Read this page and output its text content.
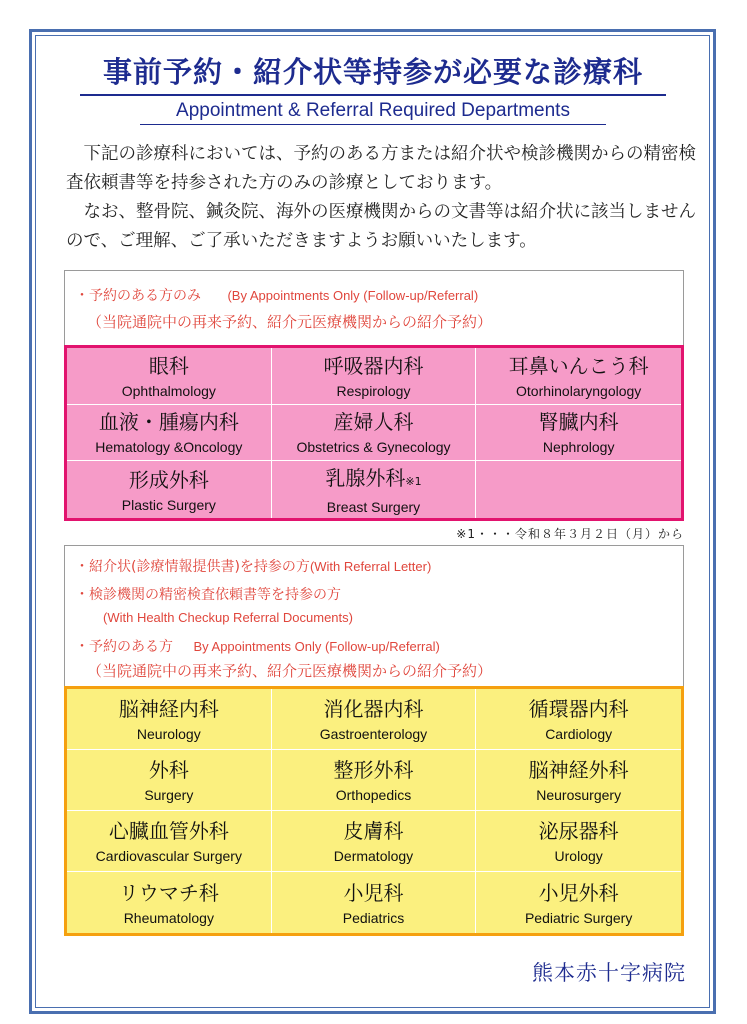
事前予約・紹介状等持参が必要な診療科
Appointment & Referral Required Departments

下記の診療科においては、予約のある方または紹介状や検診機関からの精密検査依頼書等を持参された方のみの診療としております。

なお、整骨院、鍼灸院、海外の医療機関からの文書等は紹介状に該当しませんので、ご理解、ご了承いただきますようお願いいたします。

・予約のある方のみ (By Appointments Only (Follow-up/Referral)
（当院通院中の再来予約、紹介元医療機関からの紹介予約）
眼科
Ophthalmology
呼吸器内科
Respirology
耳鼻いんこう科
Otorhinolaryngology
血液・腫瘍内科
Hematology &Oncology
産婦人科
Obstetrics & Gynecology
腎臓内科
Nephrology
形成外科
Plastic Surgery
乳腺外科※1
Breast Surgery
※1・・・令和８年３月２日（月）から
・紹介状(診療情報提供書)を持参の方(With Referral Letter)
・検診機関の精密検査依頼書等を持参の方
(With Health Checkup Referral Documents)
・予約のある方 By Appointments Only (Follow-up/Referral)
（当院通院中の再来予約、紹介元医療機関からの紹介予約）
脳神経内科
Neurology
消化器内科
Gastroenterology
循環器内科
Cardiology
外科
Surgery
整形外科
Orthopedics
脳神経外科
Neurosurgery
心臓血管外科
Cardiovascular Surgery
皮膚科
Dermatology
泌尿器科
Urology
リウマチ科
Rheumatology
小児科
Pediatrics
小児外科
Pediatric Surgery
熊本赤十字病院
